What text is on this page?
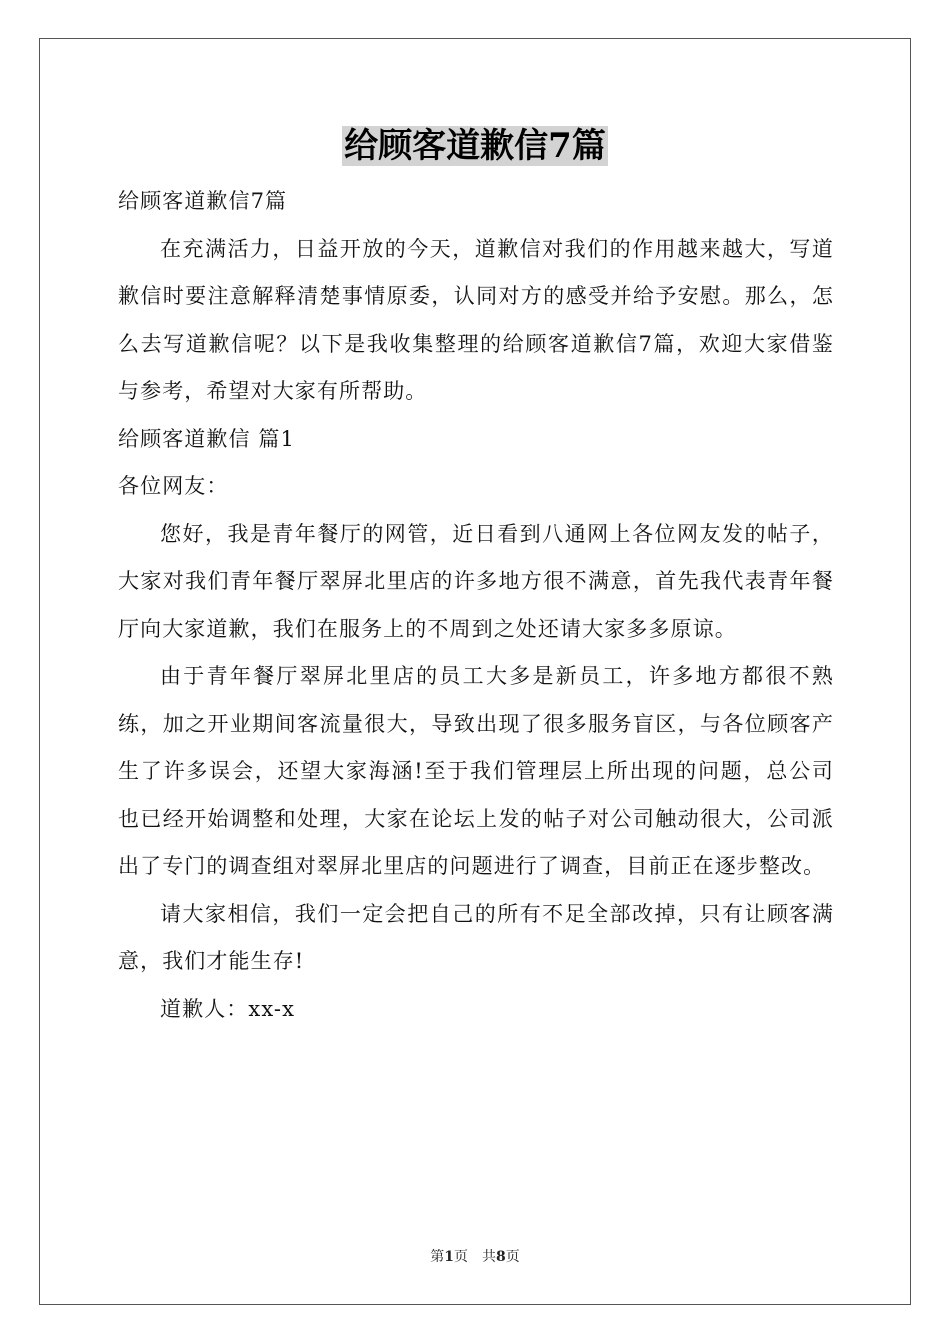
给顾客道歉信7篇

给顾客道歉信7篇

在充满活力，日益开放的今天，道歉信对我们的作用越来越大，写道歉信时要注意解释清楚事情原委，认同对方的感受并给予安慰。那么，怎么去写道歉信呢？以下是我收集整理的给顾客道歉信7篇，欢迎大家借鉴与参考，希望对大家有所帮助。

给顾客道歉信 篇1

各位网友：

您好，我是青年餐厅的网管，近日看到八通网上各位网友发的帖子，大家对我们青年餐厅翠屏北里店的许多地方很不满意，首先我代表青年餐厅向大家道歉，我们在服务上的不周到之处还请大家多多原谅。

由于青年餐厅翠屏北里店的员工大多是新员工，许多地方都很不熟练，加之开业期间客流量很大，导致出现了很多服务盲区，与各位顾客产生了许多误会，还望大家海涵!至于我们管理层上所出现的问题，总公司也已经开始调整和处理，大家在论坛上发的帖子对公司触动很大，公司派出了专门的调查组对翠屏北里店的问题进行了调查，目前正在逐步整改。

请大家相信，我们一定会把自己的所有不足全部改掉，只有让顾客满意，我们才能生存!

道歉人：xx-x

第1页　共8页
